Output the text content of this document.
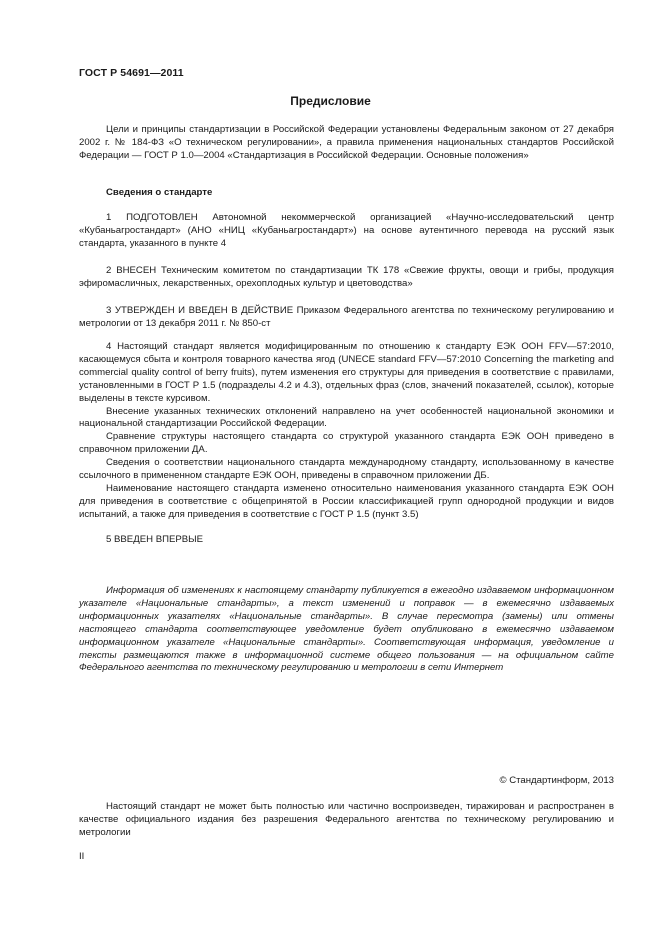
ГОСТ Р 54691—2011
Предисловие

Цели и принципы стандартизации в Российской Федерации установлены Федеральным законом от 27 декабря 2002 г. № 184-ФЗ «О техническом регулировании», а правила применения национальных стандартов Российской Федерации — ГОСТ Р 1.0—2004 «Стандартизация в Российской Федерации. Основные положения»

Сведения о стандарте

1 ПОДГОТОВЛЕН Автономной некоммерческой организацией «Научно-исследовательский центр «Кубаньагростандарт» (АНО «НИЦ «Кубаньагростандарт») на основе аутентичного перевода на русский язык стандарта, указанного в пункте 4

2 ВНЕСЕН Техническим комитетом по стандартизации ТК 178 «Свежие фрукты, овощи и грибы, продукция эфиромасличных, лекарственных, орехоплодных культур и цветоводства»

3 УТВЕРЖДЕН И ВВЕДЕН В ДЕЙСТВИЕ Приказом Федерального агентства по техническому регулированию и метрологии от 13 декабря 2011 г. № 850-ст

4 Настоящий стандарт является модифицированным по отношению к стандарту ЕЭК ООН FFV—57:2010, касающемуся сбыта и контроля товарного качества ягод (UNECE standard FFV—57:2010 Concerning the marketing and commercial quality control of berry fruits), путем изменения его структуры для приведения в соответствие с правилами, установленными в ГОСТ Р 1.5 (подразделы 4.2 и 4.3), отдельных фраз (слов, значений показателей, ссылок), которые выделены в тексте курсивом.

Внесение указанных технических отклонений направлено на учет особенностей национальной экономики и национальной стандартизации Российской Федерации.

Сравнение структуры настоящего стандарта со структурой указанного стандарта ЕЭК ООН приведено в справочном приложении ДА.

Сведения о соответствии национального стандарта международному стандарту, использованному в качестве ссылочного в примененном стандарте ЕЭК ООН, приведены в справочном приложении ДБ.

Наименование настоящего стандарта изменено относительно наименования указанного стандарта ЕЭК ООН для приведения в соответствие с общепринятой в России классификацией групп однородной продукции и видов испытаний, а также для приведения в соответствие с ГОСТ Р 1.5 (пункт 3.5)

5 ВВЕДЕН ВПЕРВЫЕ

Информация об изменениях к настоящему стандарту публикуется в ежегодно издаваемом информационном указателе «Национальные стандарты», а текст изменений и поправок — в ежемесячно издаваемых информационных указателях «Национальные стандарты». В случае пересмотра (замены) или отмены настоящего стандарта соответствующее уведомление будет опубликовано в ежемесячно издаваемом информационном указателе «Национальные стандарты». Соответствующая информация, уведомление и тексты размещаются также в информационной системе общего пользования — на официальном сайте Федерального агентства по техническому регулированию и метрологии в сети Интернет

© Стандартинформ, 2013

Настоящий стандарт не может быть полностью или частично воспроизведен, тиражирован и распространен в качестве официального издания без разрешения Федерального агентства по техническому регулированию и метрологии

II
